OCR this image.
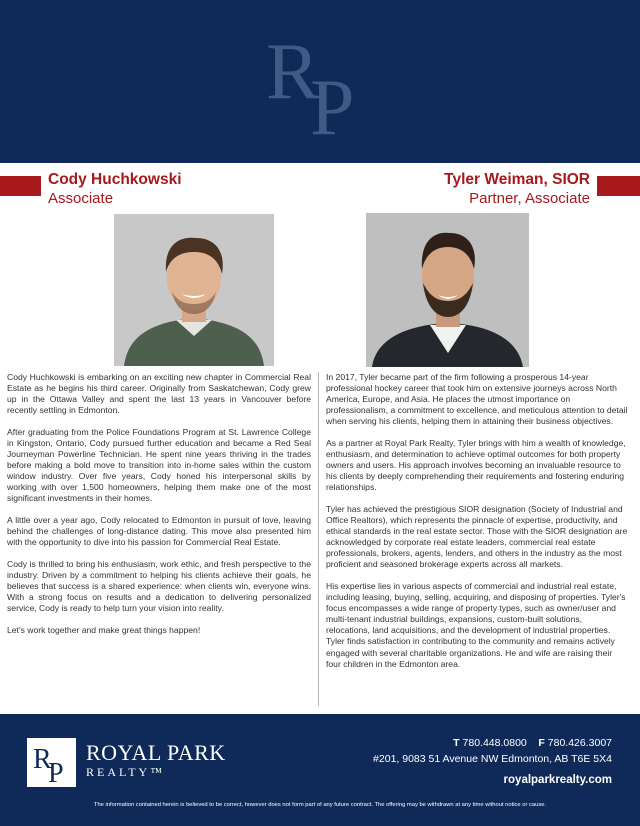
R
P
Cody Huchkowski
Associate
Tyler Weiman, SIOR
Partner, Associate

Cody Huchkowski is embarking on an exciting new chapter in Commercial Real Estate as he begins his third career. Originally from Saskatchewan, Cody grew up in the Ottawa Valley and spent the last 13 years in Vancouver before recently settling in Edmonton.

After graduating from the Police Foundations Program at St. Lawrence College in Kingston, Ontario, Cody pursued further education and became a Red Seal Journeyman Powerline Technician. He spent nine years thriving in the trades before making a bold move to transition into in-home sales within the custom window industry. Over five years, Cody honed his interpersonal skills by working with over 1,500 homeowners, helping them make one of the most significant investments in their homes.

A little over a year ago, Cody relocated to Edmonton in pursuit of love, leaving behind the challenges of long-distance dating. This move also presented him with the opportunity to dive into his passion for Commercial Real Estate.

Cody is thrilled to bring his enthusiasm, work ethic, and fresh perspective to the industry. Driven by a commitment to helping his clients achieve their goals, he believes that success is a shared experience: when clients win, everyone wins. With a strong focus on results and a dedication to delivering personalized service, Cody is ready to help turn your vision into reality.

Let's work together and make great things happen!

In 2017, Tyler became part of the firm following a prosperous 14-year professional hockey career that took him on extensive journeys across North America, Europe, and Asia. He places the utmost importance on professionalism, a commitment to excellence, and meticulous attention to detail when serving his clients, helping them in attaining their business objectives.

As a partner at Royal Park Realty, Tyler brings with him a wealth of knowledge, enthusiasm, and determination to achieve optimal outcomes for both property owners and users. His approach involves becoming an invaluable resource to his clients by deeply comprehending their requirements and fostering enduring relationships.

Tyler has achieved the prestigious SIOR designation (Society of Industrial and Office Realtors), which represents the pinnacle of expertise, productivity, and ethical standards in the real estate sector. Those with the SIOR designation are acknowledged by corporate real estate leaders, commercial real estate professionals, brokers, agents, lenders, and others in the industry as the most proficient and seasoned brokerage experts across all markets.

His expertise lies in various aspects of commercial and industrial real estate, including leasing, buying, selling, acquiring, and disposing of properties. Tyler's focus encompasses a wide range of property types, such as owner/user and multi-tenant industrial buildings, expansions, custom-built solutions, relocations, land acquisitions, and the development of industrial properties. Tyler finds satisfaction in contributing to the community and remains actively engaged with several charitable organizations. He and wife are raising their four children in the Edmonton area.

R
P
ROYAL PARK
REALTY™
T 780.448.0800 F 780.426.3007
#201, 9083 51 Avenue NW Edmonton, AB T6E 5X4
royalparkrealty.com
The information contained herein is believed to be correct, however does not form part of any future contract. The offering may be withdrawn at any time without notice or cause.
